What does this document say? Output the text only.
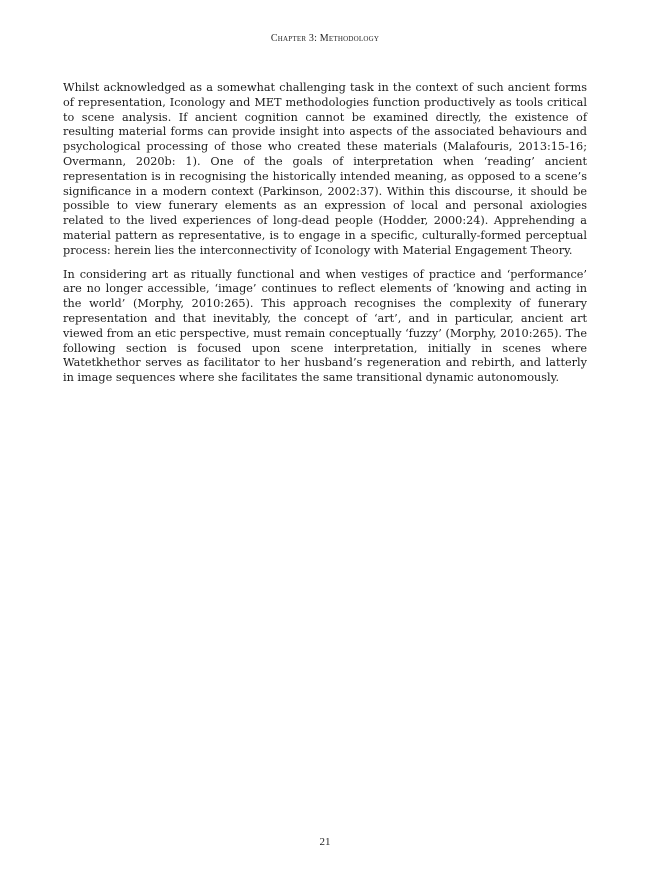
Chapter 3: Methodology

Whilst acknowledged as a somewhat challenging task in the context of such ancient forms of representation, Iconology and MET methodologies function productively as tools critical to scene analysis. If ancient cognition cannot be examined directly, the existence of resulting material forms can provide insight into aspects of the associated behaviours and psychological processing of those who created these materials (Malafouris, 2013:15-16; Overmann, 2020b: 1). One of the goals of interpretation when ‘reading’ ancient representation is in recognising the historically intended meaning, as opposed to a scene’s significance in a modern context (Parkinson, 2002:37). Within this discourse, it should be possible to view funerary elements as an expression of local and personal axiologies related to the lived experiences of long-dead people (Hodder, 2000:24). Apprehending a material pattern as representative, is to engage in a specific, culturally-formed perceptual process: herein lies the interconnectivity of Iconology with Material Engagement Theory.

In considering art as ritually functional and when vestiges of practice and ‘performance’ are no longer accessible, ‘image’ continues to reflect elements of ‘knowing and acting in the world’ (Morphy, 2010:265). This approach recognises the complexity of funerary representation and that inevitably, the concept of ‘art’, and in particular, ancient art viewed from an etic perspective, must remain conceptually ‘fuzzy’ (Morphy, 2010:265). The following section is focused upon scene interpretation, initially in scenes where Watetkhethor serves as facilitator to her husband’s regeneration and rebirth, and latterly in image sequences where she facilitates the same transitional dynamic autonomously.

21
